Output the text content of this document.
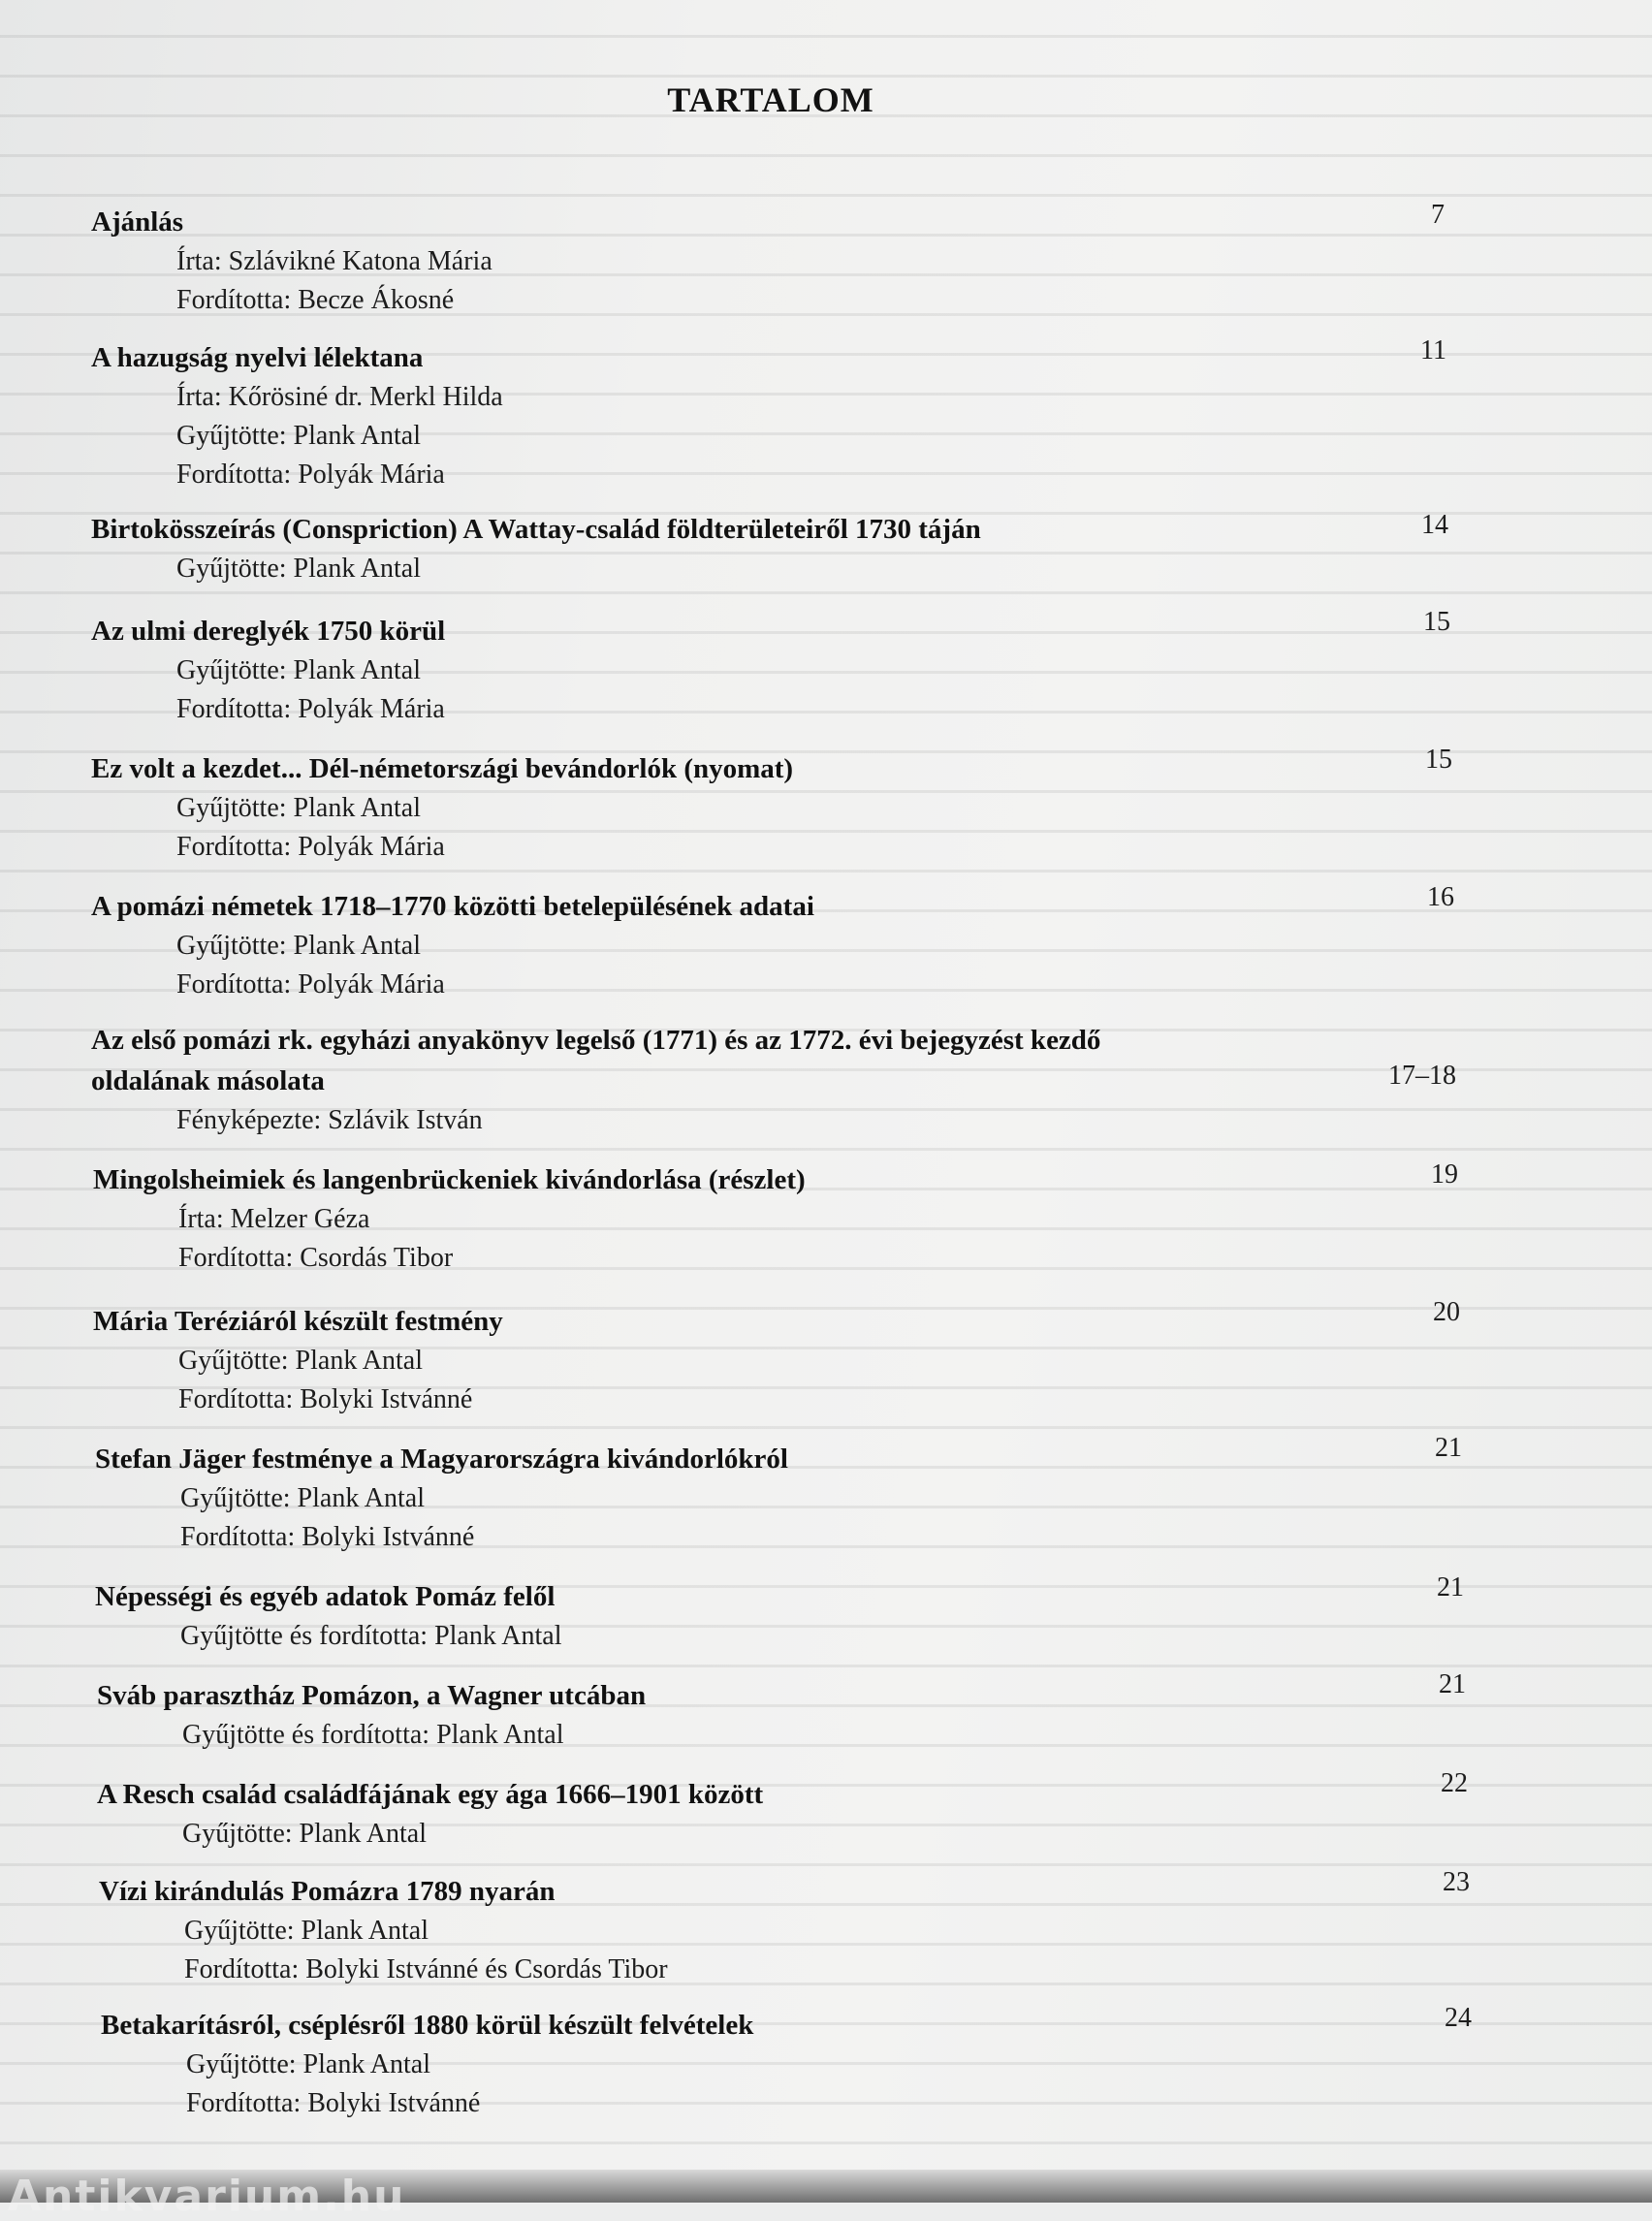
TARTALOM
Ajánlás
Írta: Szlávikné Katona Mária
Fordította: Becze Ákosné
7
A hazugság nyelvi lélektana
Írta: Kőrösiné dr. Merkl Hilda
Gyűjtötte: Plank Antal
Fordította: Polyák Mária
11
Birtokösszeírás (Conspriction) A Wattay-család földterületeiről 1730 táján
Gyűjtötte: Plank Antal
14
Az ulmi dereglyék 1750 körül
Gyűjtötte: Plank Antal
Fordította: Polyák Mária
15
Ez volt a kezdet... Dél-németországi bevándorlók (nyomat)
Gyűjtötte: Plank Antal
Fordította: Polyák Mária
15
A pomázi németek 1718–1770 közötti betelepülésének adatai
Gyűjtötte: Plank Antal
Fordította: Polyák Mária
16
Az első pomázi rk. egyházi anyakönyv legelső (1771) és az 1772. évi bejegyzést kezdő oldalának másolata
Fényképezte: Szlávik István
17–18
Mingolsheimiek és langenbrückeniek kivándorlása (részlet)
Írta: Melzer Géza
Fordította: Csordás Tibor
19
Mária Teréziáról készült festmény
Gyűjtötte: Plank Antal
Fordította: Bolyki Istvánné
20
Stefan Jäger festménye a Magyarországra kivándorlókról
Gyűjtötte: Plank Antal
Fordította: Bolyki Istvánné
21
Népességi és egyéb adatok Pomáz felől
Gyűjtötte és fordította: Plank Antal
21
Sváb parasztház Pomázon, a Wagner utcában
Gyűjtötte és fordította: Plank Antal
21
A Resch család családfájának egy ága 1666–1901 között
Gyűjtötte: Plank Antal
22
Vízi kirándulás Pomázra 1789 nyarán
Gyűjtötte: Plank Antal
Fordította: Bolyki Istvánné és Csordás Tibor
23
Betakarításról, cséplésről 1880 körül készült felvételek
Gyűjtötte: Plank Antal
Fordította: Bolyki Istvánné
24
Antikvarium.hu
